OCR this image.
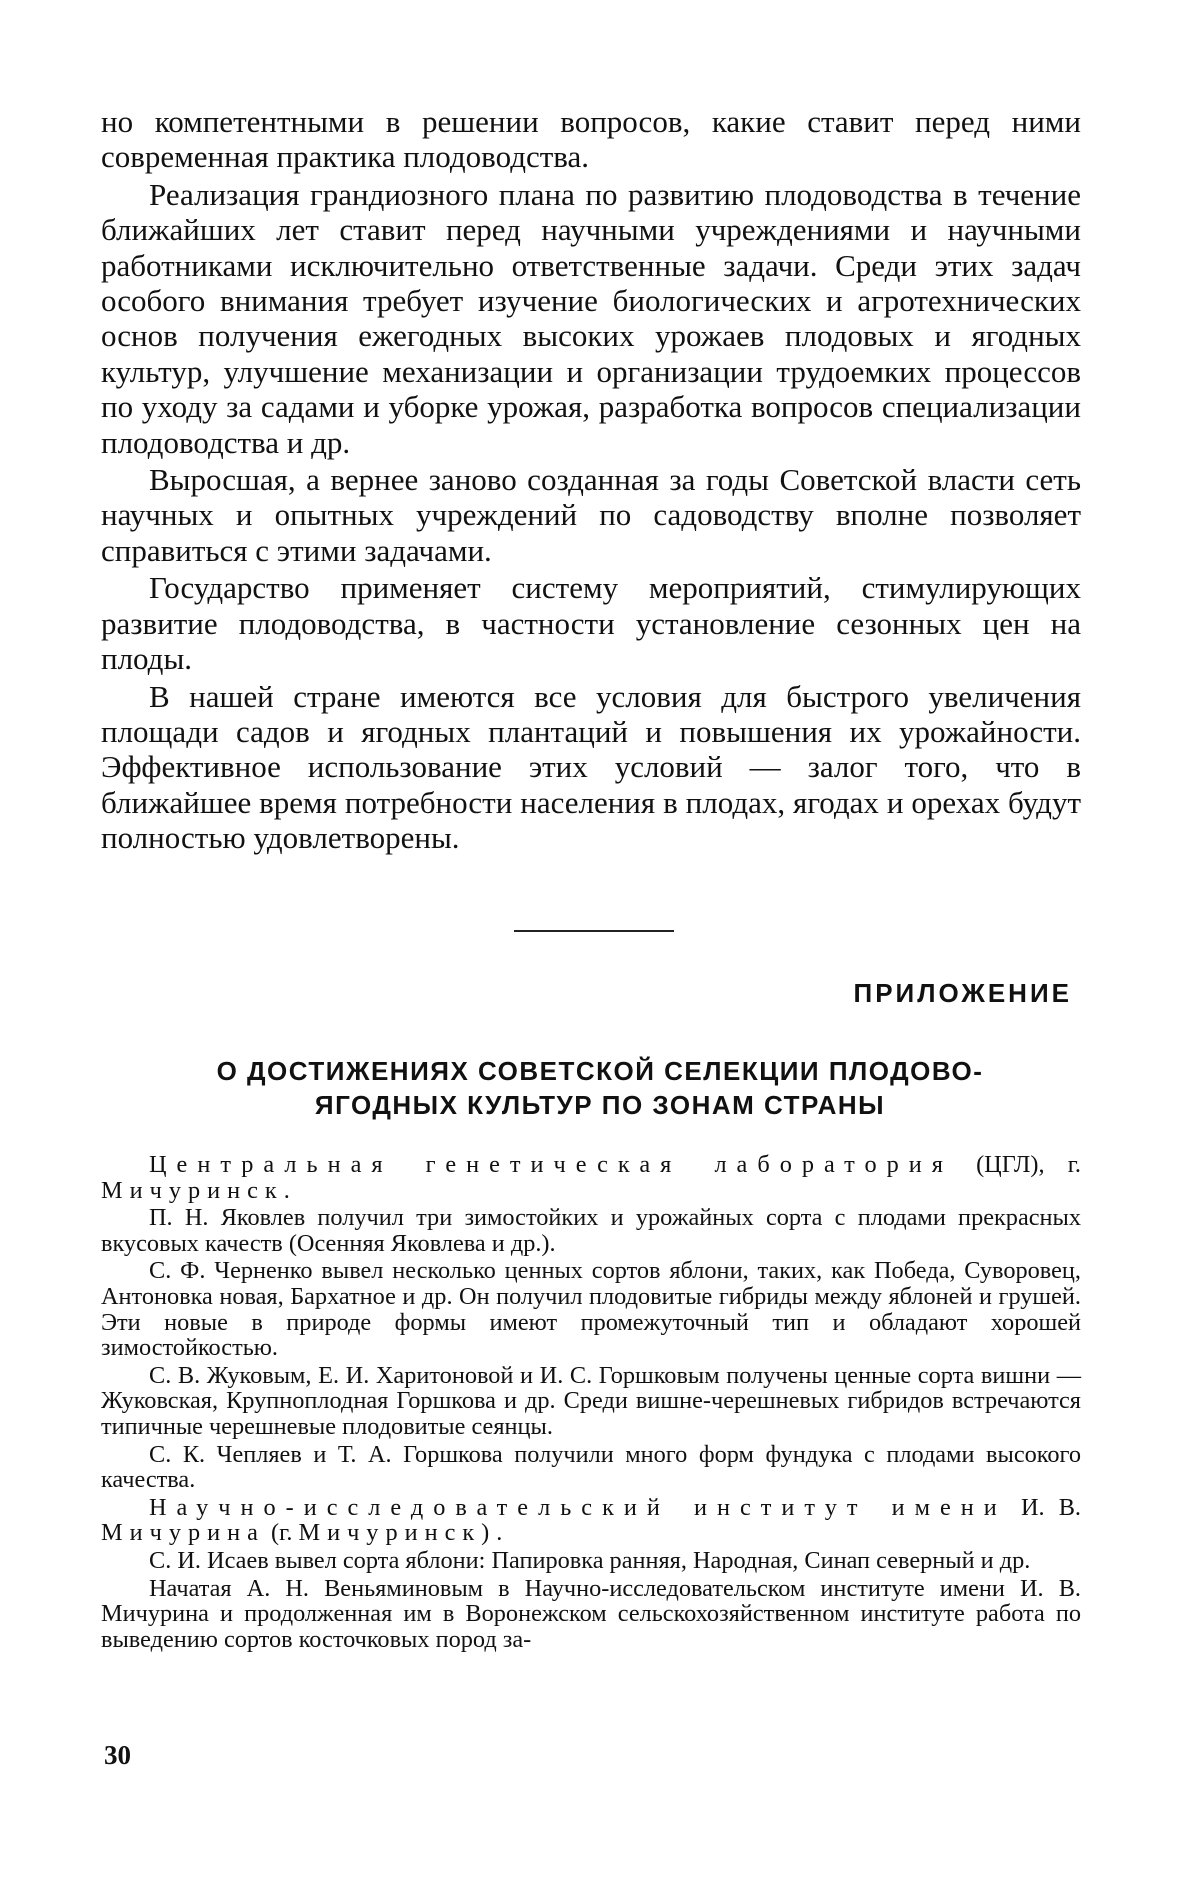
но компетентными в решении вопросов, какие ставит перед ними современная практика плодоводства.

Реализация грандиозного плана по развитию плодоводства в течение ближайших лет ставит перед научными учреждениями и научными работниками исключительно ответственные задачи. Среди этих задач особого внимания требует изучение биологических и агротехнических основ получения ежегодных высоких урожаев плодовых и ягодных культур, улучшение механизации и организации трудоемких процессов по уходу за садами и уборке урожая, разработка вопросов специализации плодоводства и др.

Выросшая, а вернее заново созданная за годы Советской власти сеть научных и опытных учреждений по садоводству вполне позволяет справиться с этими задачами.

Государство применяет систему мероприятий, стимулирующих развитие плодоводства, в частности установление сезонных цен на плоды.

В нашей стране имеются все условия для быстрого увеличения площади садов и ягодных плантаций и повышения их урожайности. Эффективное использование этих условий — залог того, что в ближайшее время потребности населения в плодах, ягодах и орехах будут полностью удовлетворены.

ПРИЛОЖЕНИЕ
О ДОСТИЖЕНИЯХ СОВЕТСКОЙ СЕЛЕКЦИИ ПЛОДОВО-
ЯГОДНЫХ КУЛЬТУР ПО ЗОНАМ СТРАНЫ

Центральная генетическая лаборатория (ЦГЛ), г. Мичуринск.

П. Н. Яковлев получил три зимостойких и урожайных сорта с плодами прекрасных вкусовых качеств (Осенняя Яковлева и др.).

С. Ф. Черненко вывел несколько ценных сортов яблони, таких, как Победа, Суворовец, Антоновка новая, Бархатное и др. Он получил плодовитые гибриды между яблоней и грушей. Эти новые в природе формы имеют промежуточный тип и обладают хорошей зимостойкостью.

С. В. Жуковым, Е. И. Харитоновой и И. С. Горшковым получены ценные сорта вишни — Жуковская, Крупноплодная Горшкова и др. Среди вишне-черешневых гибридов встречаются типичные черешневые плодовитые сеянцы.

С. К. Чепляев и Т. А. Горшкова получили много форм фундука с плодами высокого качества.

Научно-исследовательский институт имени И. В. Мичурина (г. Мичуринск).

С. И. Исаев вывел сорта яблони: Папировка ранняя, Народная, Синап северный и др.

Начатая А. Н. Веньяминовым в Научно-исследовательском институте имени И. В. Мичурина и продолженная им в Воронежском сельскохозяйственном институте работа по выведению сортов косточковых пород за-

30
